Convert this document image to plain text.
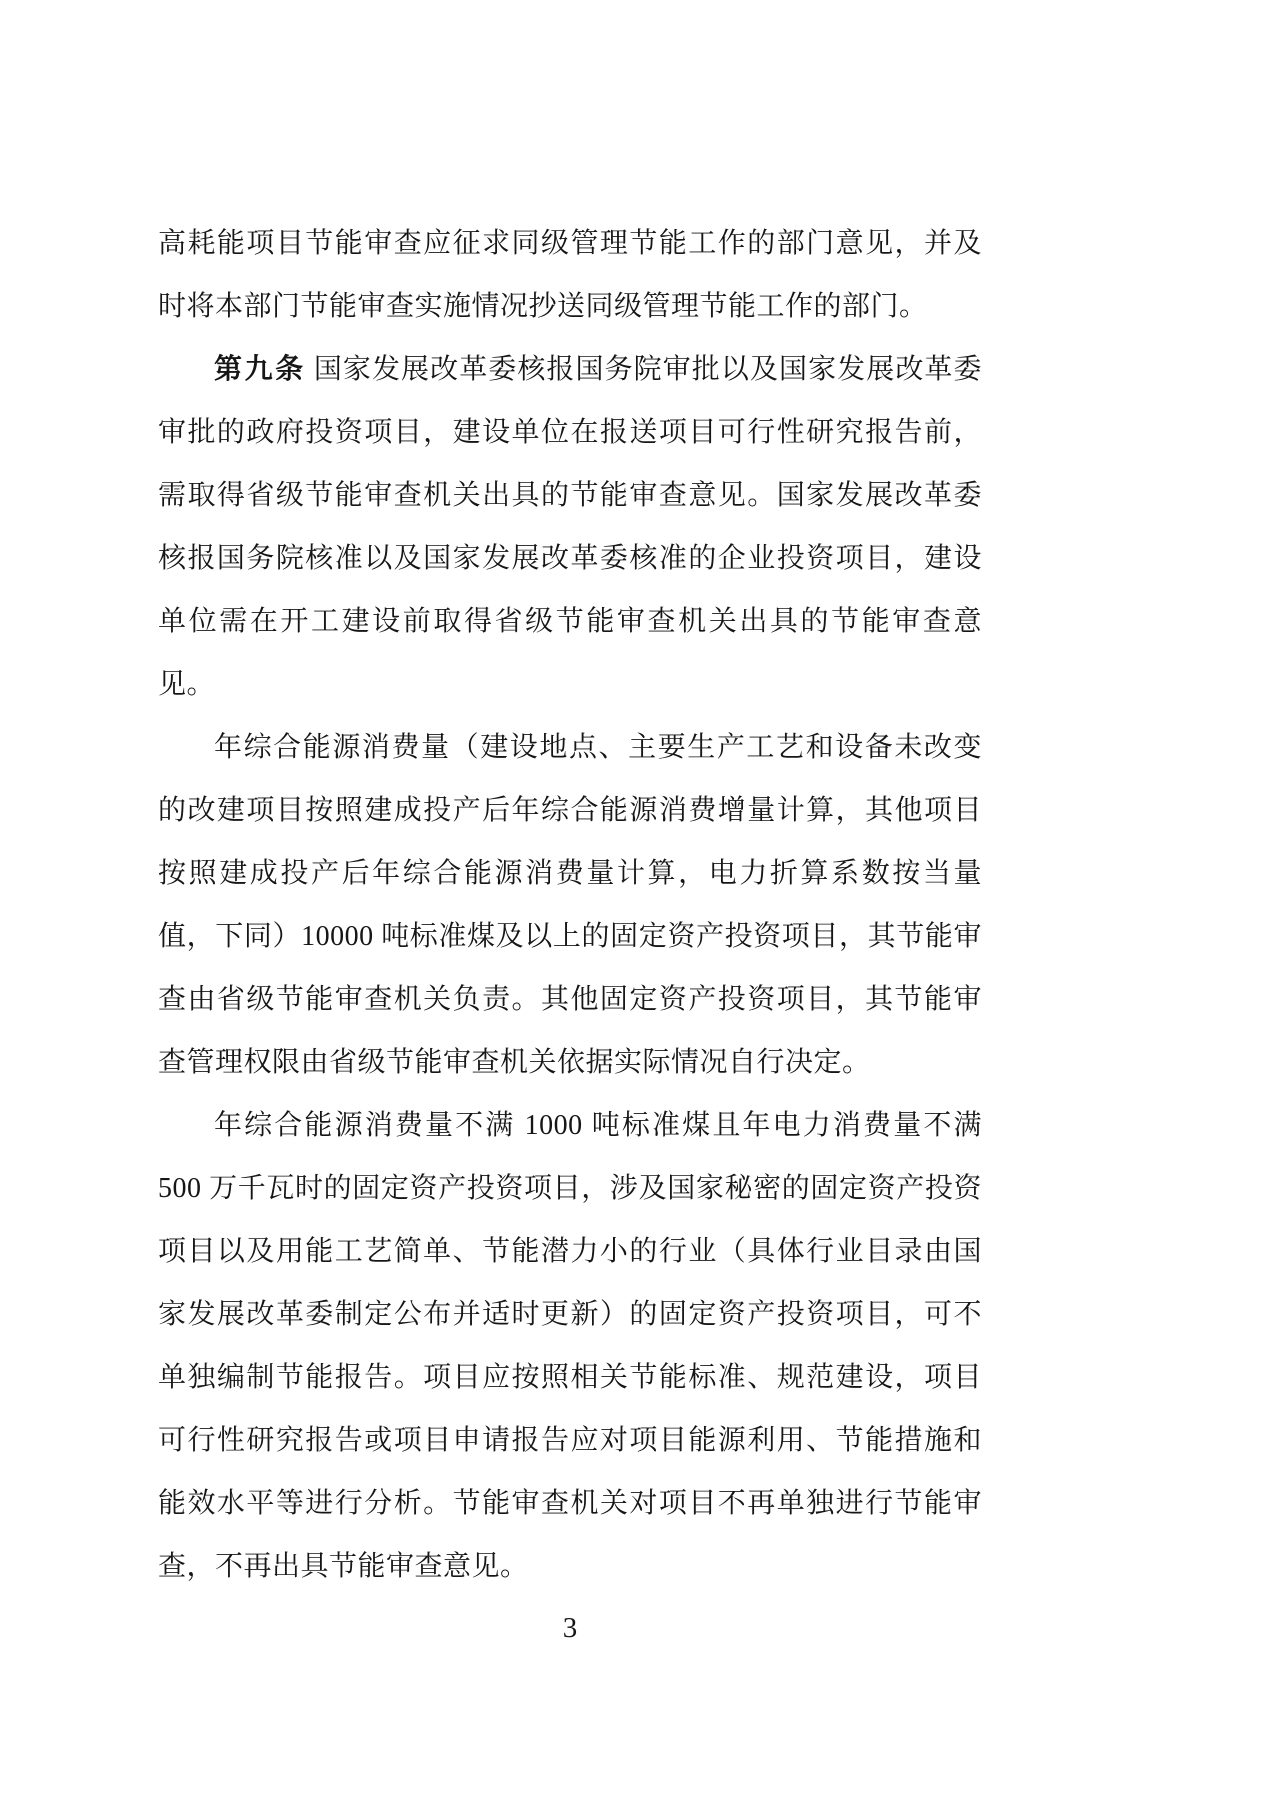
高耗能项目节能审查应征求同级管理节能工作的部门意见，并及
时将本部门节能审查实施情况抄送同级管理节能工作的部门。
第九条 国家发展改革委核报国务院审批以及国家发展改革委
审批的政府投资项目，建设单位在报送项目可行性研究报告前，
需取得省级节能审查机关出具的节能审查意见。国家发展改革委
核报国务院核准以及国家发展改革委核准的企业投资项目，建设
单位需在开工建设前取得省级节能审查机关出具的节能审查意
见。
年综合能源消费量（建设地点、主要生产工艺和设备未改变
的改建项目按照建成投产后年综合能源消费增量计算，其他项目
按照建成投产后年综合能源消费量计算，电力折算系数按当量
值，下同）10000 吨标准煤及以上的固定资产投资项目，其节能审
查由省级节能审查机关负责。其他固定资产投资项目，其节能审
查管理权限由省级节能审查机关依据实际情况自行决定。
年综合能源消费量不满 1000 吨标准煤且年电力消费量不满
500 万千瓦时的固定资产投资项目，涉及国家秘密的固定资产投资
项目以及用能工艺简单、节能潜力小的行业（具体行业目录由国
家发展改革委制定公布并适时更新）的固定资产投资项目，可不
单独编制节能报告。项目应按照相关节能标准、规范建设，项目
可行性研究报告或项目申请报告应对项目能源利用、节能措施和
能效水平等进行分析。节能审查机关对项目不再单独进行节能审
查，不再出具节能审查意见。
3
